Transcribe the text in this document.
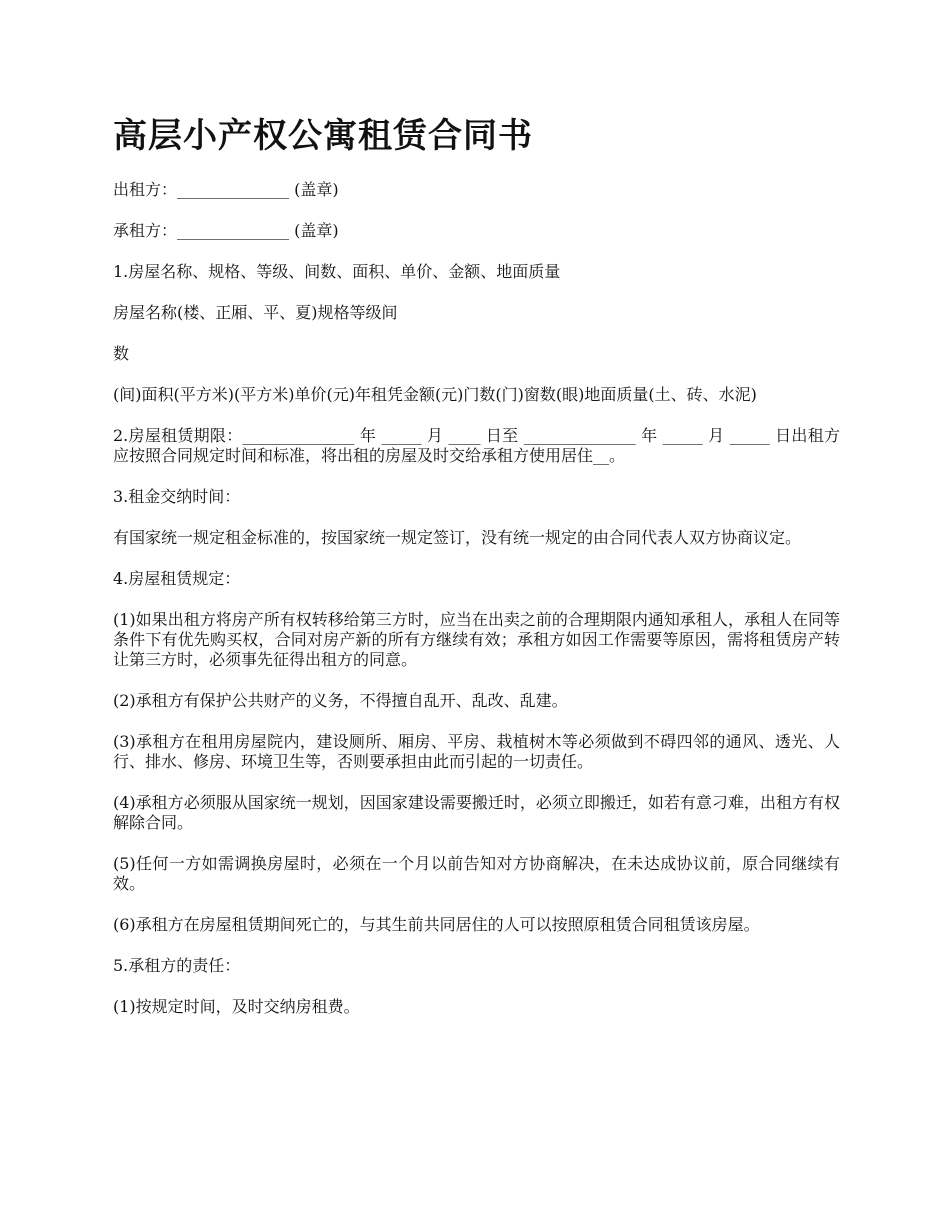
高层小产权公寓租赁合同书

出租方：______________ (盖章)

承租方：______________ (盖章)

1.房屋名称、规格、等级、间数、面积、单价、金额、地面质量

房屋名称(楼、正厢、平、夏)规格等级间

数

(间)面积(平方米)(平方米)单价(元)年租凭金额(元)门数(门)窗数(眼)地面质量(土、砖、水泥)

2.房屋租赁期限：______________ 年 _____ 月 ____ 日至 ______________ 年 _____ 月 _____ 日出租方应按照合同规定时间和标准，将出租的房屋及时交给承租方使用居住__。

3.租金交纳时间：

有国家统一规定租金标准的，按国家统一规定签订，没有统一规定的由合同代表人双方协商议定。

4.房屋租赁规定：

(1)如果出租方将房产所有权转移给第三方时，应当在出卖之前的合理期限内通知承租人，承租人在同等条件下有优先购买权，合同对房产新的所有方继续有效；承租方如因工作需要等原因，需将租赁房产转让第三方时，必须事先征得出租方的同意。

(2)承租方有保护公共财产的义务，不得擅自乱开、乱改、乱建。

(3)承租方在租用房屋院内，建设厕所、厢房、平房、栽植树木等必须做到不碍四邻的通风、透光、人行、排水、修房、环境卫生等，否则要承担由此而引起的一切责任。

(4)承租方必须服从国家统一规划，因国家建设需要搬迁时，必须立即搬迁，如若有意刁难，出租方有权解除合同。

(5)任何一方如需调换房屋时，必须在一个月以前告知对方协商解决，在未达成协议前，原合同继续有效。

(6)承租方在房屋租赁期间死亡的，与其生前共同居住的人可以按照原租赁合同租赁该房屋。

5.承租方的责任：

(1)按规定时间，及时交纳房租费。
